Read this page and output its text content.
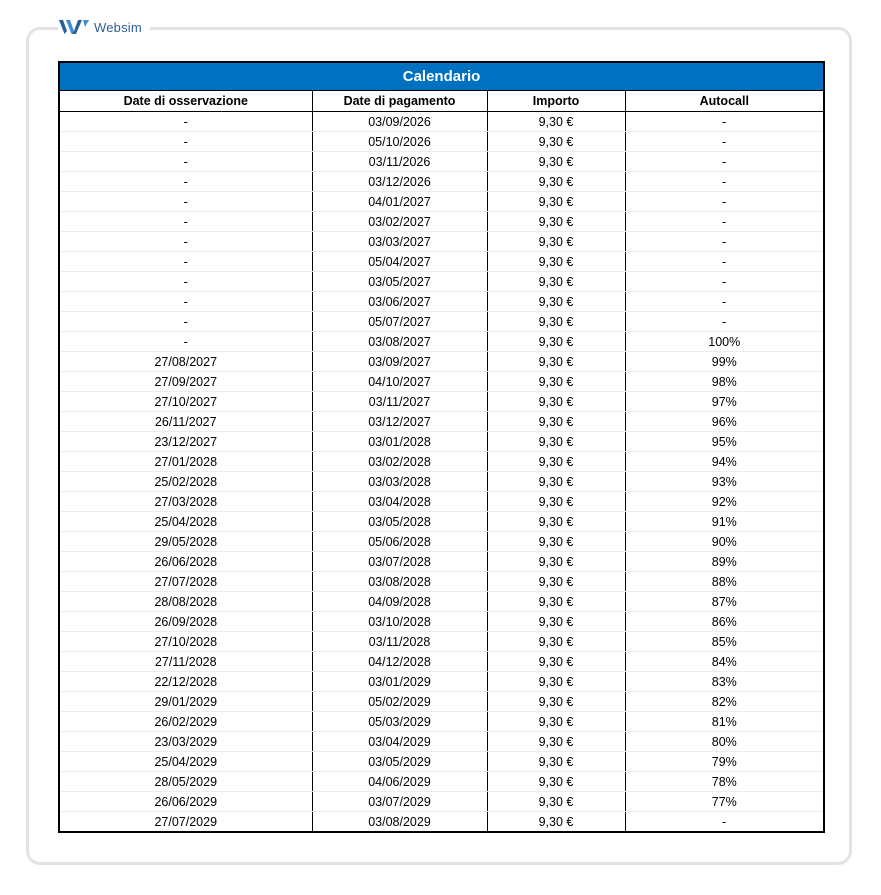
Websim
Calendario			
Date di osservazione	Date di pagamento	Importo	Autocall
-	03/09/2026	9,30 €	-
-	05/10/2026	9,30 €	-
-	03/11/2026	9,30 €	-
-	03/12/2026	9,30 €	-
-	04/01/2027	9,30 €	-
-	03/02/2027	9,30 €	-
-	03/03/2027	9,30 €	-
-	05/04/2027	9,30 €	-
-	03/05/2027	9,30 €	-
-	03/06/2027	9,30 €	-
-	05/07/2027	9,30 €	-
-	03/08/2027	9,30 €	100%
27/08/2027	03/09/2027	9,30 €	99%
27/09/2027	04/10/2027	9,30 €	98%
27/10/2027	03/11/2027	9,30 €	97%
26/11/2027	03/12/2027	9,30 €	96%
23/12/2027	03/01/2028	9,30 €	95%
27/01/2028	03/02/2028	9,30 €	94%
25/02/2028	03/03/2028	9,30 €	93%
27/03/2028	03/04/2028	9,30 €	92%
25/04/2028	03/05/2028	9,30 €	91%
29/05/2028	05/06/2028	9,30 €	90%
26/06/2028	03/07/2028	9,30 €	89%
27/07/2028	03/08/2028	9,30 €	88%
28/08/2028	04/09/2028	9,30 €	87%
26/09/2028	03/10/2028	9,30 €	86%
27/10/2028	03/11/2028	9,30 €	85%
27/11/2028	04/12/2028	9,30 €	84%
22/12/2028	03/01/2029	9,30 €	83%
29/01/2029	05/02/2029	9,30 €	82%
26/02/2029	05/03/2029	9,30 €	81%
23/03/2029	03/04/2029	9,30 €	80%
25/04/2029	03/05/2029	9,30 €	79%
28/05/2029	04/06/2029	9,30 €	78%
26/06/2029	03/07/2029	9,30 €	77%
27/07/2029	03/08/2029	9,30 €	-
